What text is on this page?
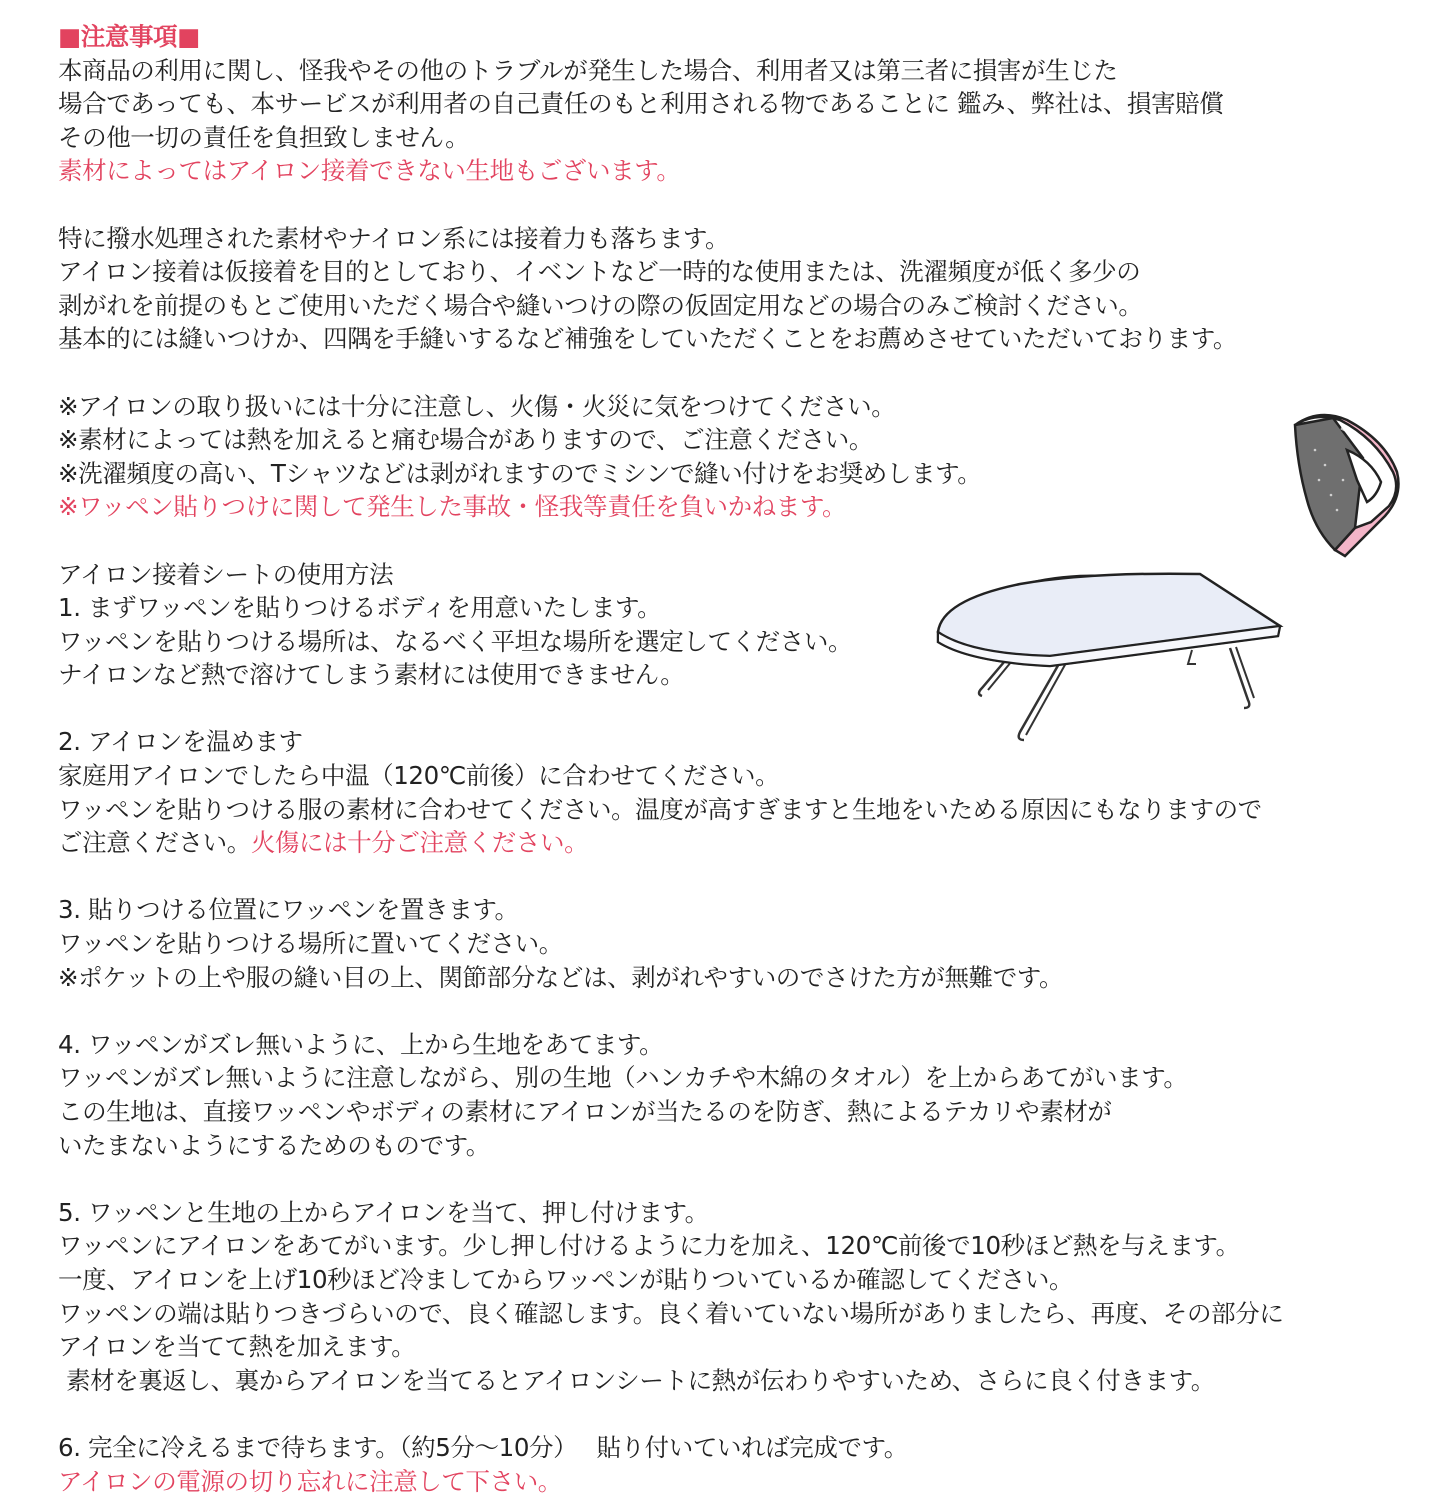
■注意事項■
本商品の利用に関し、怪我やその他のトラブルが発生した場合、利用者又は第三者に損害が生じた
場合であっても、本サービスが利用者の自己責任のもと利用される物であることに 鑑み、弊社は、損害賠償
その他一切の責任を負担致しません。
素材によってはアイロン接着できない生地もございます。
特に撥水処理された素材やナイロン系には接着力も落ちます。
アイロン接着は仮接着を目的としており、イベントなど一時的な使用または、洗濯頻度が低く多少の
剥がれを前提のもとご使用いただく場合や縫いつけの際の仮固定用などの場合のみご検討ください。
基本的には縫いつけか、四隅を手縫いするなど補強をしていただくことをお薦めさせていただいております。
※アイロンの取り扱いには十分に注意し、火傷・火災に気をつけてください。
※素材によっては熱を加えると痛む場合がありますので、ご注意ください。
※洗濯頻度の高い、Tシャツなどは剥がれますのでミシンで縫い付けをお奨めします。
※ワッペン貼りつけに関して発生した事故・怪我等責任を負いかねます。
アイロン接着シートの使用方法
1. まずワッペンを貼りつけるボディを用意いたします。
ワッペンを貼りつける場所は、なるべく平坦な場所を選定してください。
ナイロンなど熱で溶けてしまう素材には使用できません。
2. アイロンを温めます
家庭用アイロンでしたら中温（120℃前後）に合わせてください。
ワッペンを貼りつける服の素材に合わせてください。温度が高すぎますと生地をいためる原因にもなりますので
ご注意ください。火傷には十分ご注意ください。
3. 貼りつける位置にワッペンを置きます。
ワッペンを貼りつける場所に置いてください。
※ポケットの上や服の縫い目の上、関節部分などは、剥がれやすいのでさけた方が無難です。
4. ワッペンがズレ無いように、上から生地をあてます。
ワッペンがズレ無いように注意しながら、別の生地（ハンカチや木綿のタオル）を上からあてがいます。
この生地は、直接ワッペンやボディの素材にアイロンが当たるのを防ぎ、熱によるテカリや素材が
いたまないようにするためのものです。
5. ワッペンと生地の上からアイロンを当て、押し付けます。
ワッペンにアイロンをあてがいます。少し押し付けるように力を加え、120℃前後で10秒ほど熱を与えます。
一度、アイロンを上げ10秒ほど冷ましてからワッペンが貼りついているか確認してください。
ワッペンの端は貼りつきづらいので、良く確認します。良く着いていない場所がありましたら、再度、その部分に
アイロンを当てて熱を加えます。
素材を裏返し、裏からアイロンを当てるとアイロンシートに熱が伝わりやすいため、さらに良く付きます。
6. 完全に冷えるまで待ちます。（約5分～10分）　 貼り付いていれば完成です。
アイロンの電源の切り忘れに注意して下さい。
